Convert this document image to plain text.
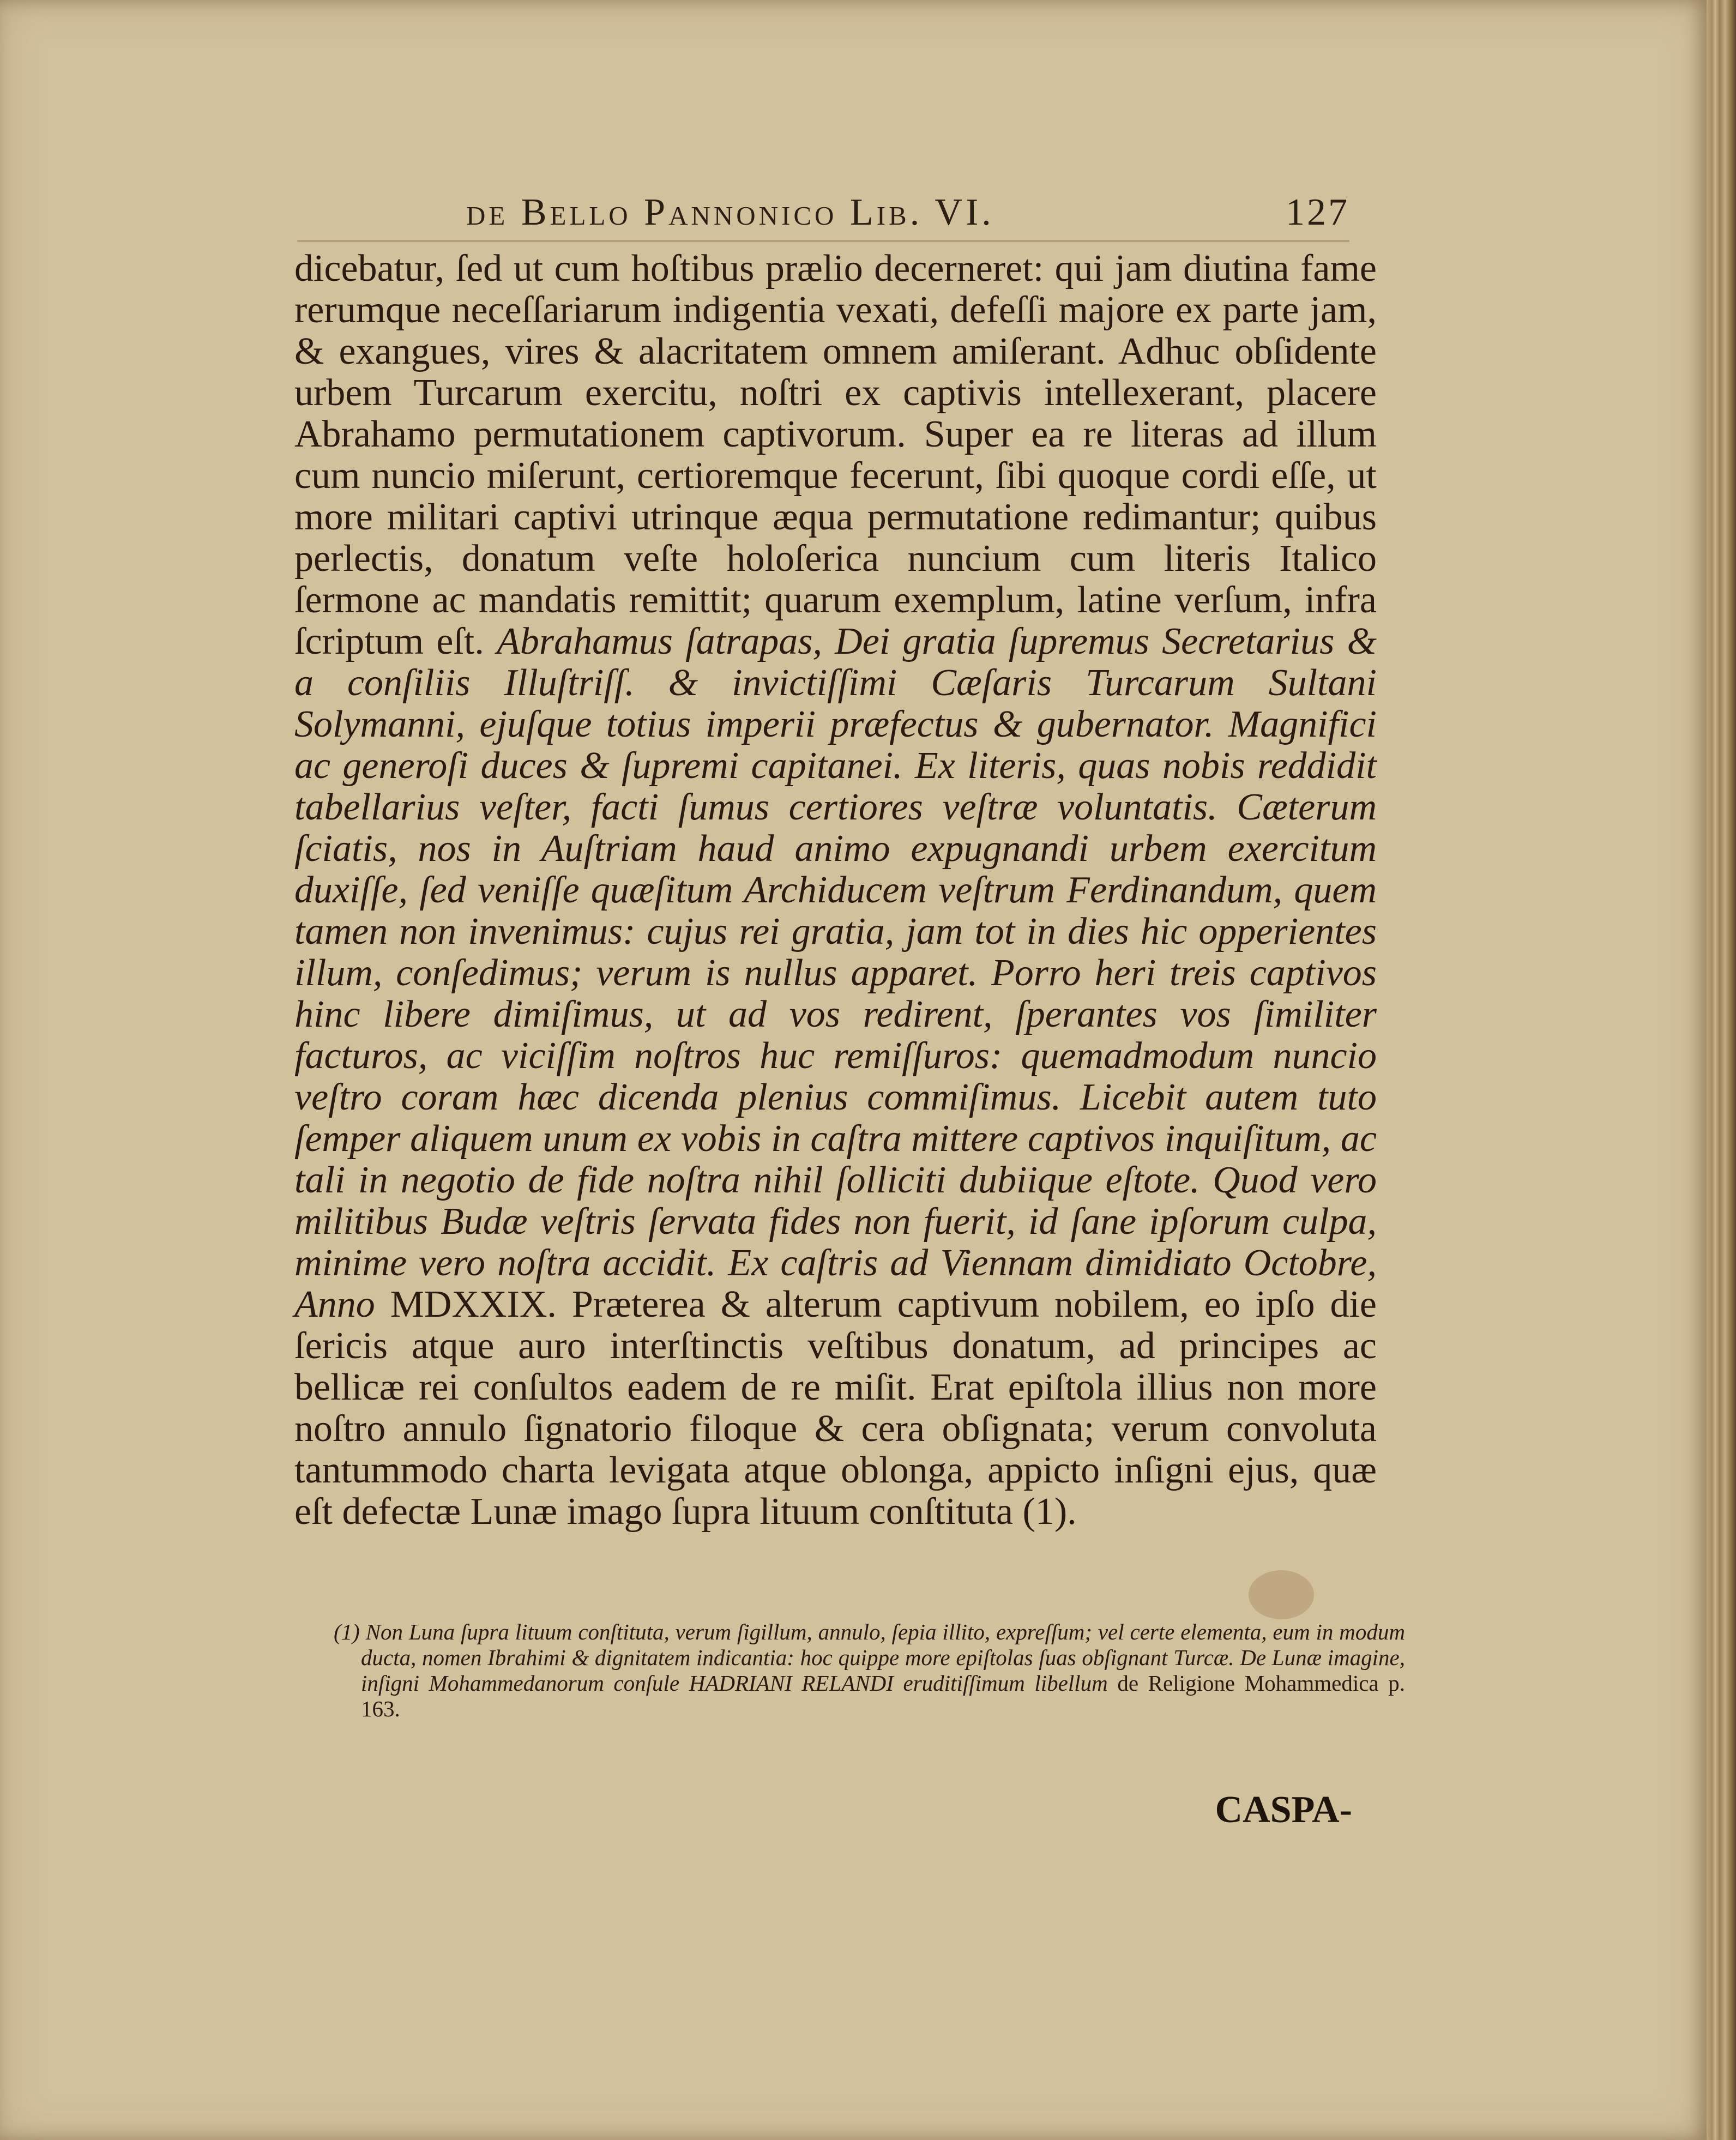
de Bello Pannonico Lib. VI.	127

dicebatur, ſed ut cum hoſtibus prælio decerneret: qui jam diutina fame rerumque neceſſariarum indigentia vexati, defeſſi majore ex parte jam, & exangues, vires & alacritatem omnem amiſerant. Adhuc obſidente urbem Turcarum exercitu, noſtri ex captivis intellexerant, placere Abrahamo permutationem captivorum. Super ea re literas ad illum cum nuncio miſerunt, certioremque fecerunt, ſibi quoque cordi eſſe, ut more militari captivi utrinque æqua permutatione redimantur; quibus perlectis, donatum veſte holoſerica nuncium cum literis Italico ſermone ac mandatis remittit; quarum exemplum, latine verſum, infra ſcriptum eſt. Abrahamus ſatrapas, Dei gratia ſupremus Secretarius & a conſiliis Illuſtriſſ. & invictiſſimi Cæſaris Turcarum Sultani Solymanni, ejuſque totius imperii præfectus & gubernator. Magnifici ac generoſi duces & ſupremi capitanei. Ex literis, quas nobis reddidit tabellarius veſter, facti ſumus certiores veſtræ voluntatis. Cæterum ſciatis, nos in Auſtriam haud animo expugnandi urbem exercitum duxiſſe, ſed veniſſe quæſitum Archiducem veſtrum Ferdinandum, quem tamen non invenimus: cujus rei gratia, jam tot in dies hic opperientes illum, conſedimus; verum is nullus apparet. Porro heri treis captivos hinc libere dimiſimus, ut ad vos redirent, ſperantes vos ſimiliter facturos, ac viciſſim noſtros huc remiſſuros: quemadmodum nuncio veſtro coram hæc dicenda plenius commiſimus. Licebit autem tuto ſemper aliquem unum ex vobis in caſtra mittere captivos inquiſitum, ac tali in negotio de fide noſtra nihil ſolliciti dubiique eſtote. Quod vero militibus Budæ veſtris ſervata fides non fuerit, id ſane ipſorum culpa, minime vero noſtra accidit. Ex caſtris ad Viennam dimidiato Octobre, Anno MDXXIX. Præterea & alterum captivum nobilem, eo ipſo die ſericis atque auro interſtinctis veſtibus donatum, ad principes ac bellicæ rei conſultos eadem de re miſit. Erat epiſtola illius non more noſtro annulo ſignatorio filoque & cera obſignata; verum convoluta tantummodo charta levigata atque oblonga, appicto inſigni ejus, quæ eſt defectæ Lunæ imago ſupra lituum conſtituta (1).

(1) Non Luna ſupra lituum conſtituta, verum ſigillum, annulo, ſepia illito, expreſſum; vel certe elementa, eum in modum ducta, nomen Ibrahimi & dignitatem indicantia: hoc quippe more epiſtolas ſuas obſignant Turcæ. De Lunæ imagine, inſigni Mohammedanorum conſule HADRIANI RELANDI eruditiſſimum libellum de Religione Mohammedica p. 163.

CASPA-
